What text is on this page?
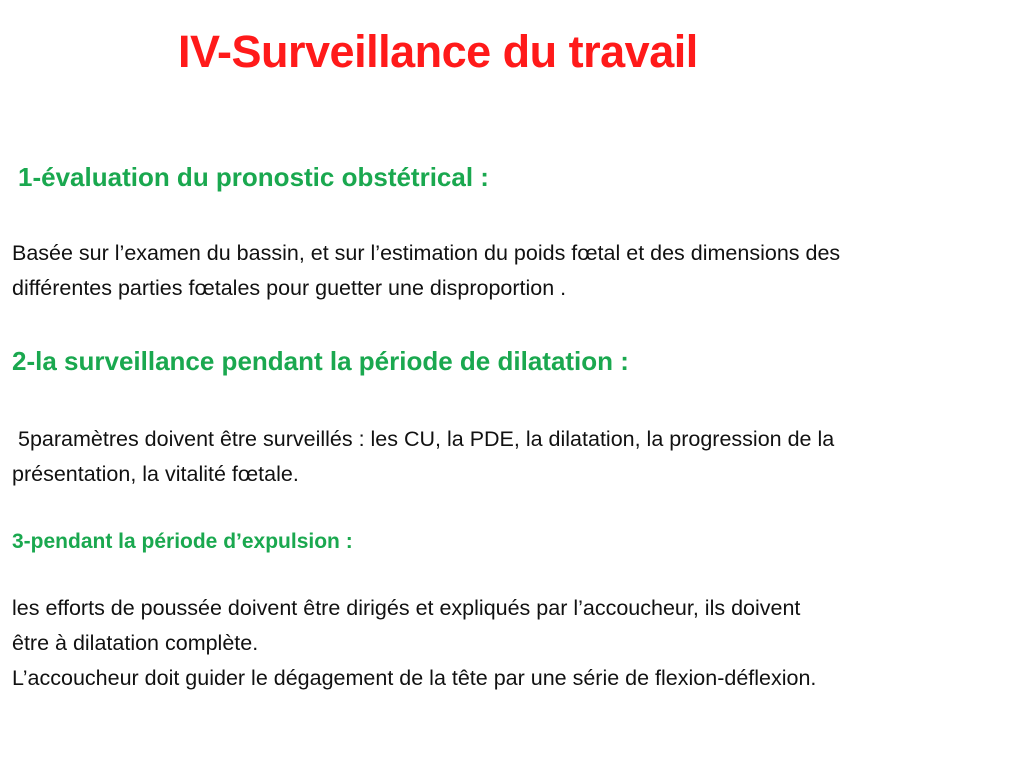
IV-Surveillance du travail
1-évaluation du pronostic obstétrical :

Basée sur l’examen du bassin, et sur l’estimation du poids fœtal et des dimensions des
différentes parties fœtales pour guetter une disproportion .

2-la surveillance pendant la période de dilatation :

5paramètres doivent être surveillés : les CU, la PDE, la dilatation, la progression de la
présentation, la vitalité fœtale.

3-pendant la période d’expulsion :

les efforts de poussée doivent être dirigés et expliqués par l’accoucheur, ils doivent
être à dilatation complète.
L’accoucheur doit guider le dégagement de la tête par une série de flexion-déflexion.
